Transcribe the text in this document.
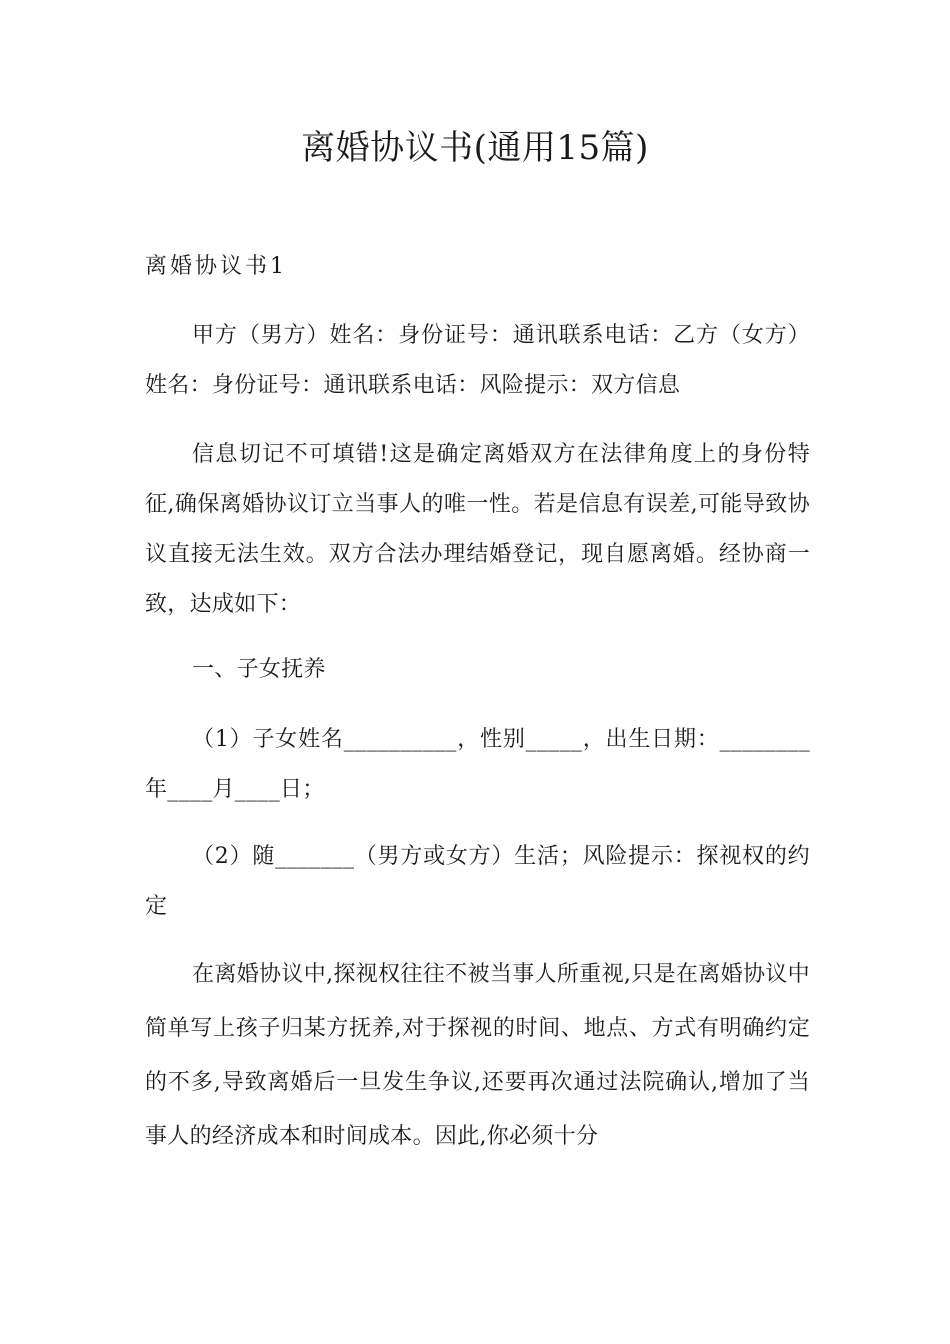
离婚协议书(通用15篇)
离婚协议书1

甲方（男方）姓名：身份证号：通讯联系电话：乙方（女方）姓名：身份证号：通讯联系电话：风险提示：双方信息

信息切记不可填错!这是确定离婚双方在法律角度上的身份特征,确保离婚协议订立当事人的唯一性。若是信息有误差,可能导致协议直接无法生效。双方合法办理结婚登记，现自愿离婚。经协商一致，达成如下：

一、子女抚养

（1）子女姓名__________，性别_____，出生日期：________年____月____日；

（2）随_______（男方或女方）生活；风险提示：探视权的约定

在离婚协议中,探视权往往不被当事人所重视,只是在离婚协议中简单写上孩子归某方抚养,对于探视的时间、地点、方式有明确约定的不多,导致离婚后一旦发生争议,还要再次通过法院确认,增加了当事人的经济成本和时间成本。因此,你必须十分
